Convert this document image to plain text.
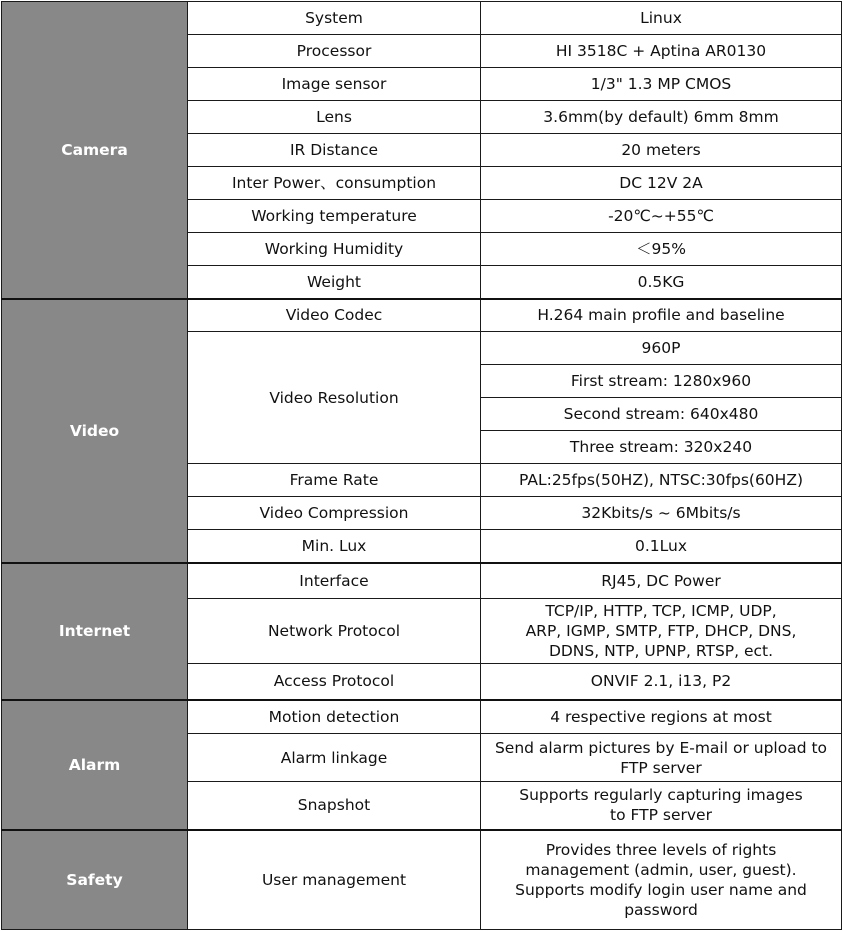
Camera	System	Linux
	Processor	HI 3518C + Aptina AR0130
	Image sensor	1/3" 1.3 MP CMOS
	Lens	3.6mm(by default) 6mm 8mm
	IR Distance	20 meters
	Inter Power、consumption	DC 12V 2A
	Working temperature	-20℃~+55℃
	Working Humidity	＜95%
	Weight	0.5KG
Video	Video Codec	H.264 main profile and baseline
	Video Resolution	960P
		First stream: 1280x960
		Second stream: 640x480
		Three stream: 320x240
	Frame Rate	PAL:25fps(50HZ), NTSC:30fps(60HZ)
	Video Compression	32Kbits/s ~ 6Mbits/s
	Min. Lux	0.1Lux
Internet	Interface	RJ45, DC Power
	Network Protocol	TCP/IP, HTTP, TCP, ICMP, UDP,
ARP, IGMP, SMTP, FTP, DHCP, DNS,
DDNS, NTP, UPNP, RTSP, ect.

	Access Protocol	ONVIF 2.1, i13, P2
Alarm	Motion detection	4 respective regions at most
	Alarm linkage	Send alarm pictures by E-mail or upload to
FTP server

	Snapshot	Supports regularly capturing images
to FTP server

Safety	User management	Provides three levels of rights
management (admin, user, guest).
Supports modify login user name and
password
